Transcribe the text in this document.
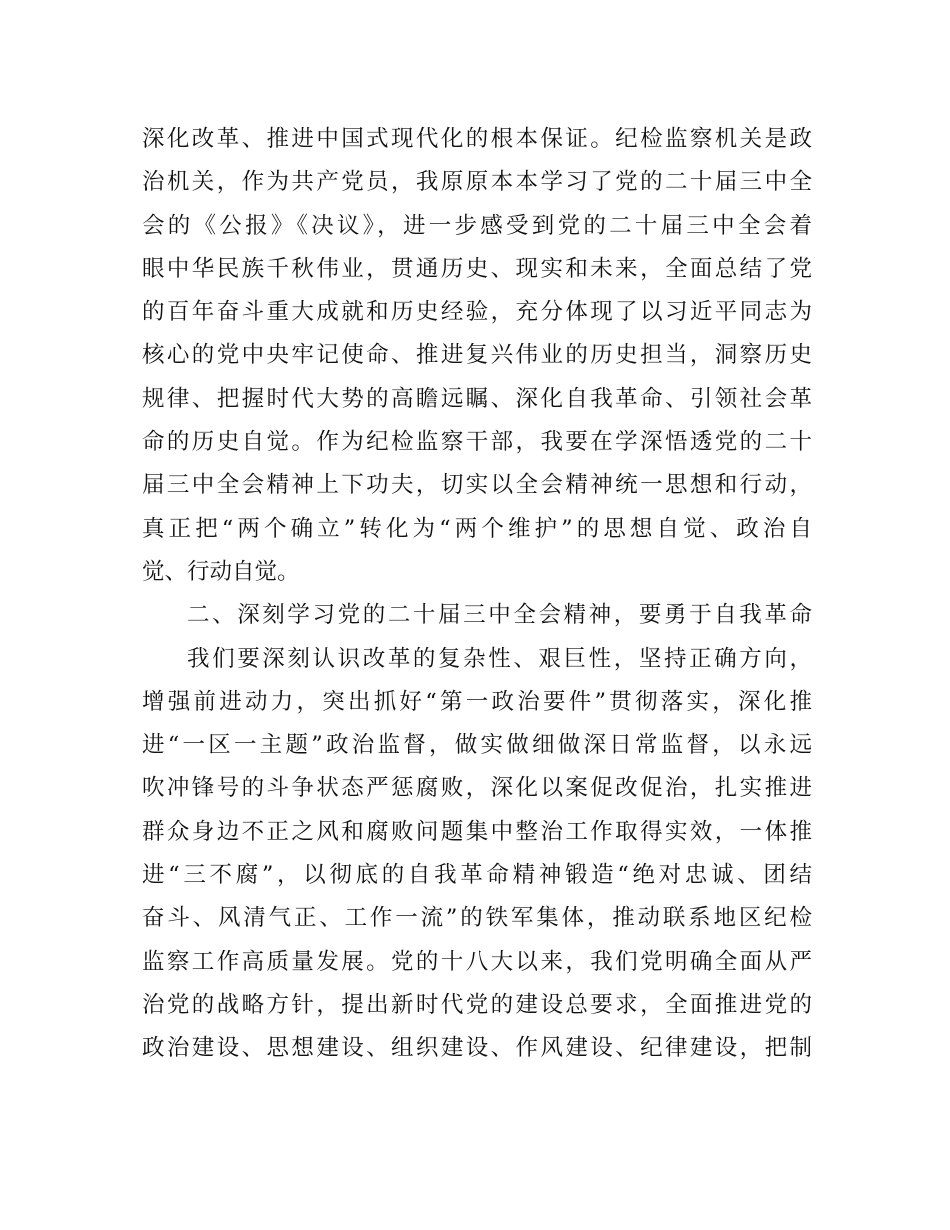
深化改革、推进中国式现代化的根本保证。纪检监察机关是政

治机关，作为共产党员，我原原本本学习了党的二十届三中全

会的《公报》《决议》，进一步感受到党的二十届三中全会着

眼中华民族千秋伟业，贯通历史、现实和未来，全面总结了党

的百年奋斗重大成就和历史经验，充分体现了以习近平同志为

核心的党中央牢记使命、推进复兴伟业的历史担当，洞察历史

规律、把握时代大势的高瞻远瞩、深化自我革命、引领社会革

命的历史自觉。作为纪检监察干部，我要在学深悟透党的二十

届三中全会精神上下功夫，切实以全会精神统一思想和行动，

真正把“两个确立”转化为“两个维护”的思想自觉、政治自

觉、行动自觉。

二、深刻学习党的二十届三中全会精神，要勇于自我革命

我们要深刻认识改革的复杂性、艰巨性，坚持正确方向，

增强前进动力，突出抓好“第一政治要件”贯彻落实，深化推

进“一区一主题”政治监督，做实做细做深日常监督，以永远

吹冲锋号的斗争状态严惩腐败，深化以案促改促治，扎实推进

群众身边不正之风和腐败问题集中整治工作取得实效，一体推

进“三不腐”，以彻底的自我革命精神锻造“绝对忠诚、团结

奋斗、风清气正、工作一流”的铁军集体，推动联系地区纪检

监察工作高质量发展。党的十八大以来，我们党明确全面从严

治党的战略方针，提出新时代党的建设总要求，全面推进党的

政治建设、思想建设、组织建设、作风建设、纪律建设，把制
